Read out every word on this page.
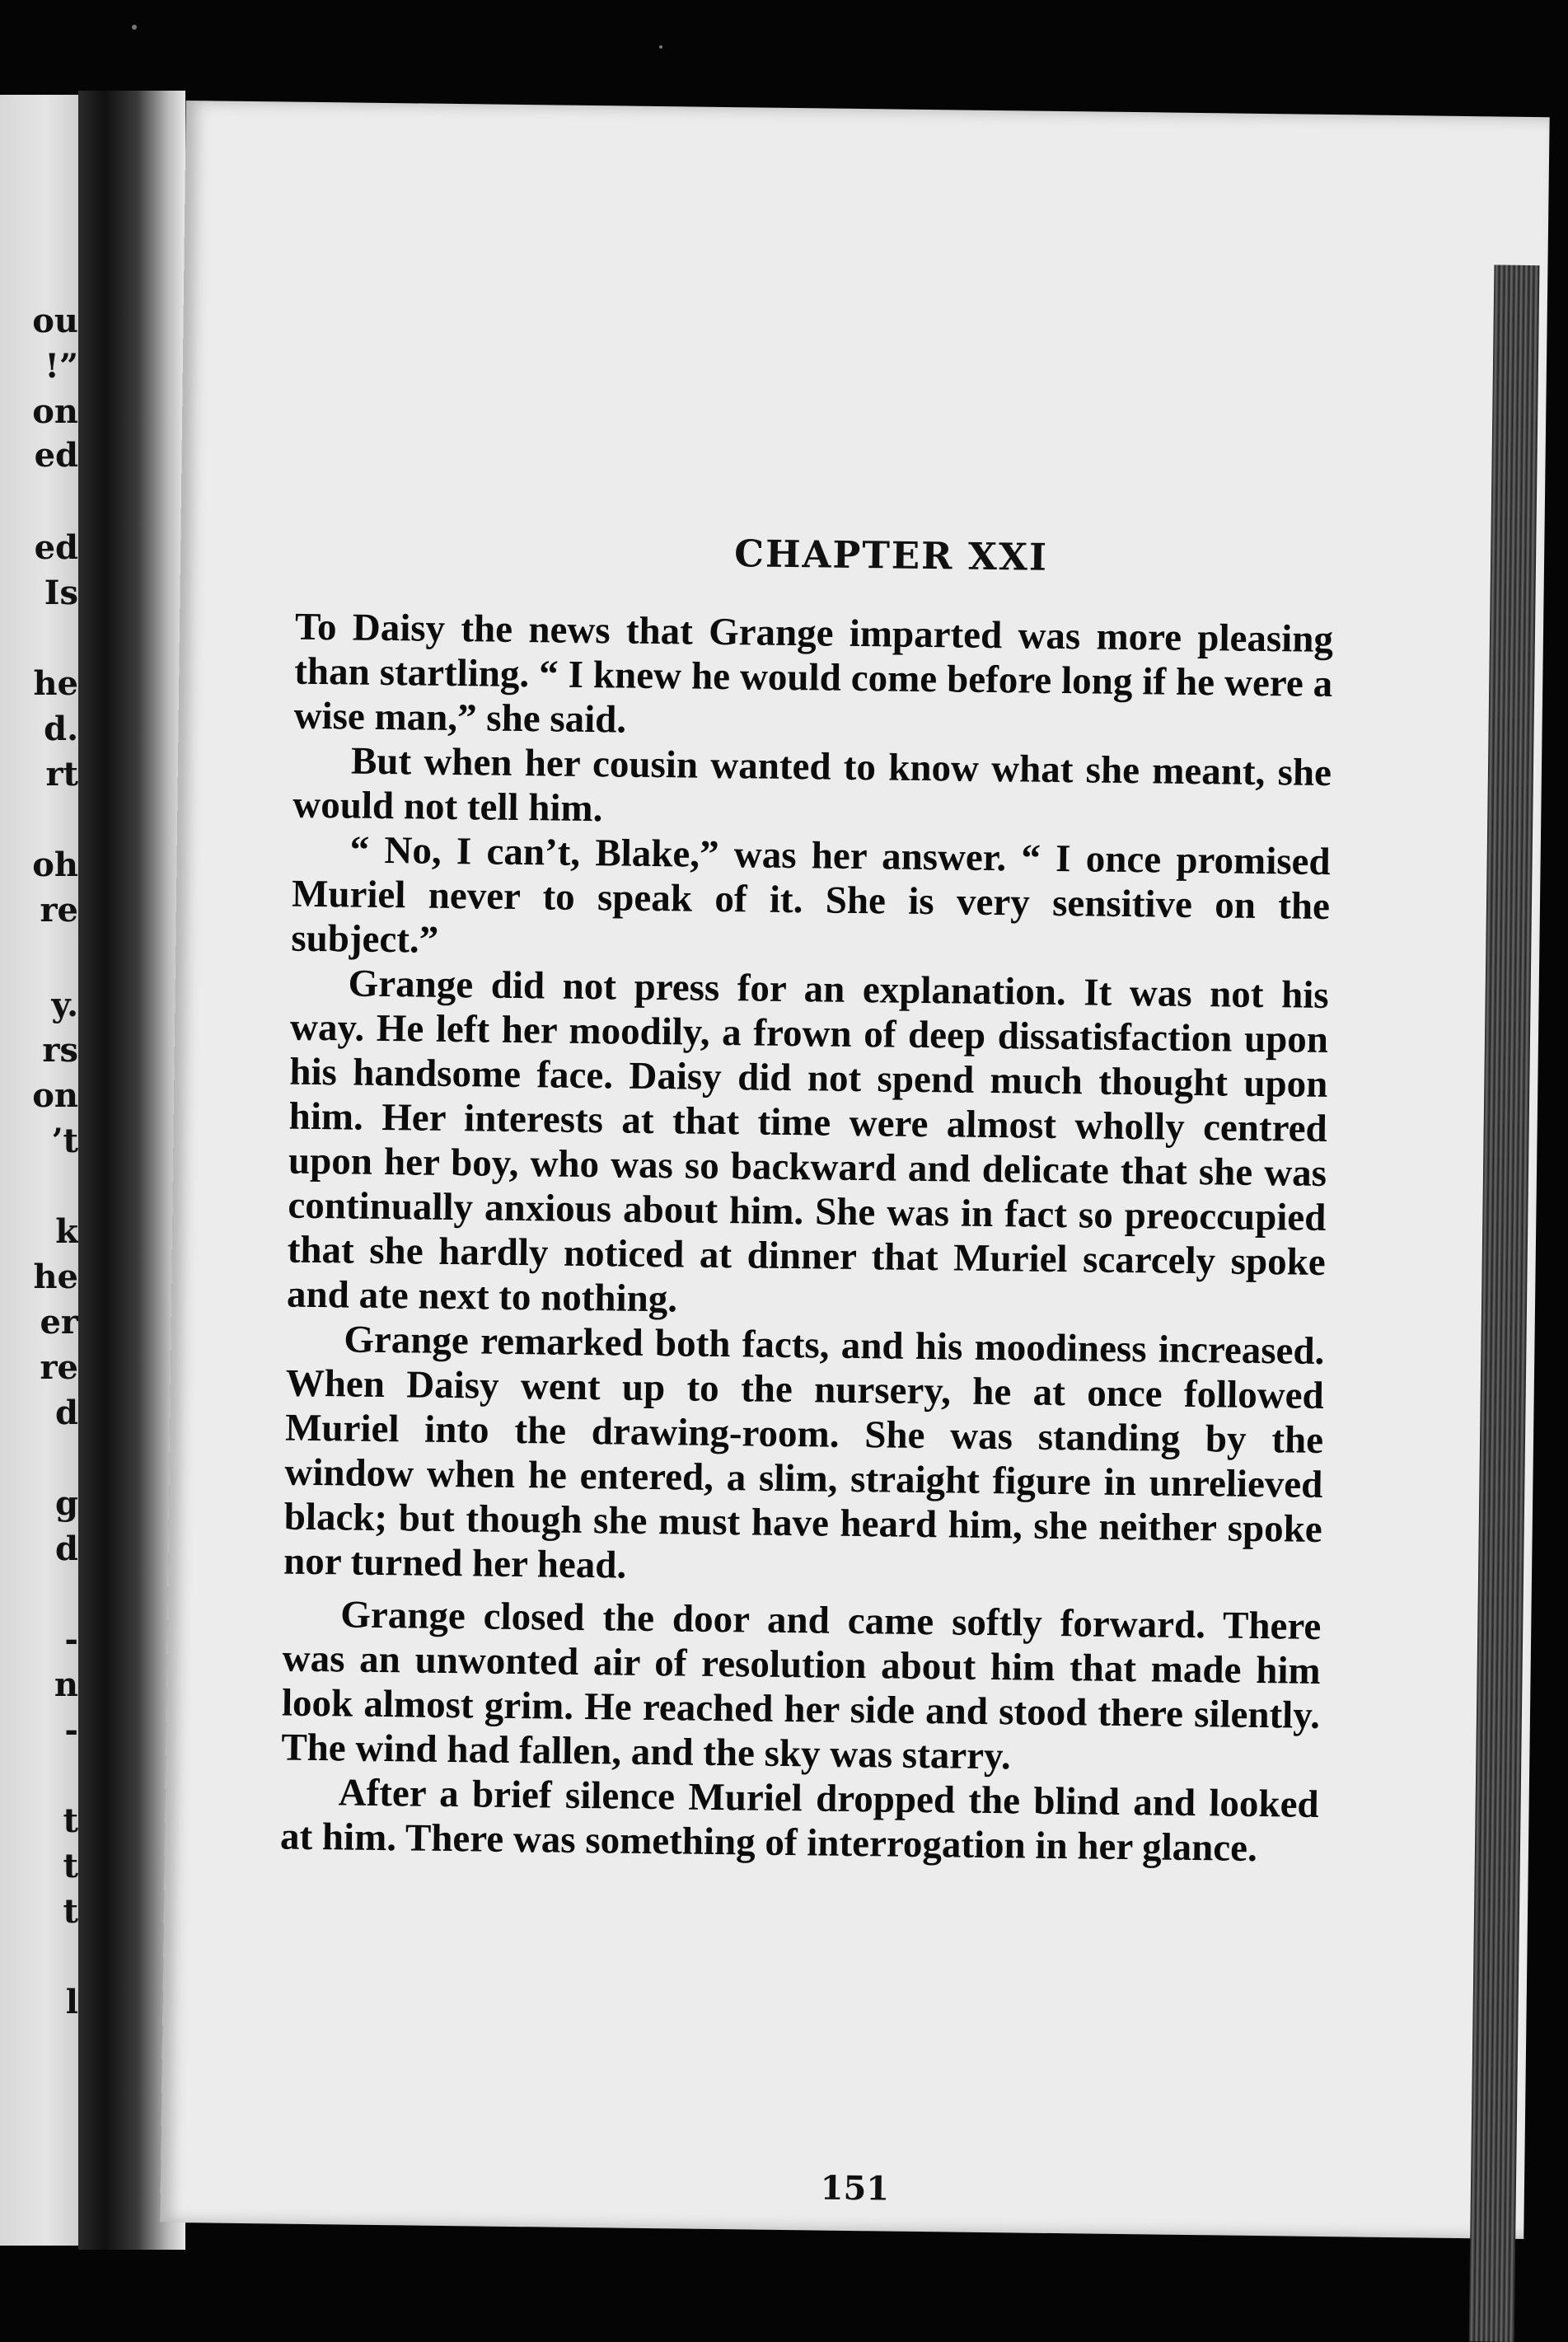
ou
!”
on
ed
ed
Is
he
d.
rt
oh
re
y.
rs
on
’t
k
he
er
re
d
g
d
-
n
-
t
t
t
l
CHAPTER XXI

To Daisy the news that Grange imparted was more pleasing than startling. “ I knew he would come before long if he were a wise man,” she said.

But when her cousin wanted to know what she meant, she would not tell him.

“ No, I can’t, Blake,” was her answer. “ I once promised Muriel never to speak of it. She is very sensitive on the subject.”

Grange did not press for an explanation. It was not his way. He left her moodily, a frown of deep dissatisfaction upon his handsome face. Daisy did not spend much thought upon him. Her interests at that time were almost wholly centred upon her boy, who was so backward and delicate that she was continually anxious about him. She was in fact so preoccupied that she hardly noticed at dinner that Muriel scarcely spoke and ate next to nothing.

Grange remarked both facts, and his moodiness increased. When Daisy went up to the nursery, he at once followed Muriel into the drawing-room. She was standing by the window when he entered, a slim, straight figure in unrelieved black; but though she must have heard him, she neither spoke nor turned her head.

Grange closed the door and came softly forward. There was an unwonted air of resolution about him that made him look almost grim. He reached her side and stood there silently. The wind had fallen, and the sky was starry.

After a brief silence Muriel dropped the blind and looked at him. There was something of interrogation in her glance.

151
